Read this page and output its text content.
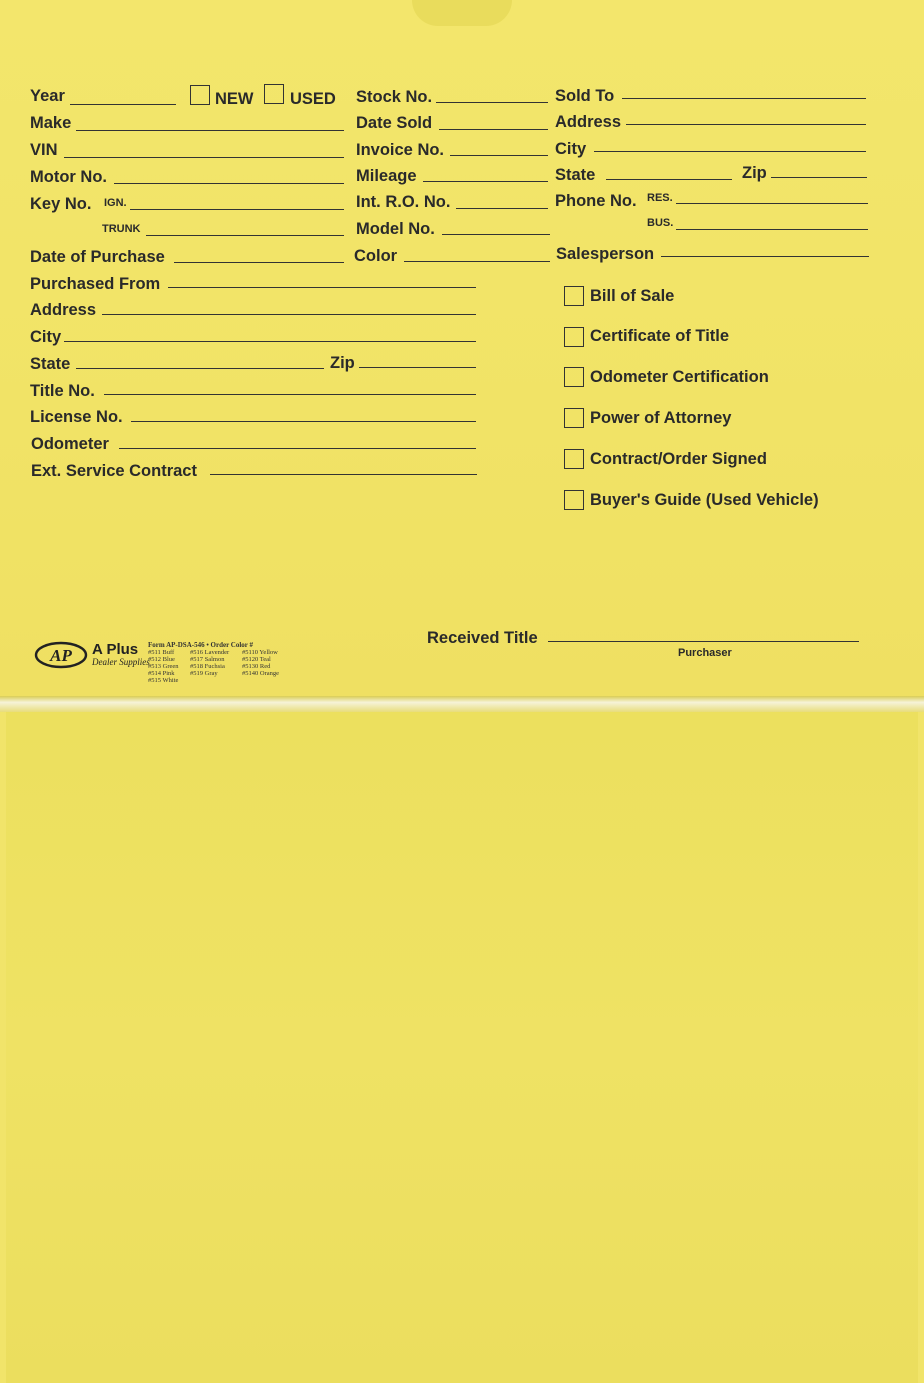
Year	NEW USED
Make
VIN
Motor No.
Key No. IGN.
TRUNK
Date of Purchase
Stock No.
Date Sold
Invoice No.
Mileage
Int. R.O. No.
Model No.
Color
Sold To
Address
City
State	Zip
Phone No. RES.
BUS.
Salesperson
Purchased From
Address
City
State	Zip
Title No.
License No.
Odometer
Ext. Service Contract
Bill of Sale
Certificate of Title
Odometer Certification
Power of Attorney
Contract/Order Signed
Buyer's Guide (Used Vehicle)
Received Title
Purchaser
AP A Plus
Dealer Supplies
Form AP-DSA-546 • Order Color #
#511 Buff
#512 Blue
#513 Green
#514 Pink
#515 White
#516 Lavender
#517 Salmon
#518 Fuchsia
#519 Gray
#5110 Yellow
#5120 Teal
#5130 Red
#5140 Orange
